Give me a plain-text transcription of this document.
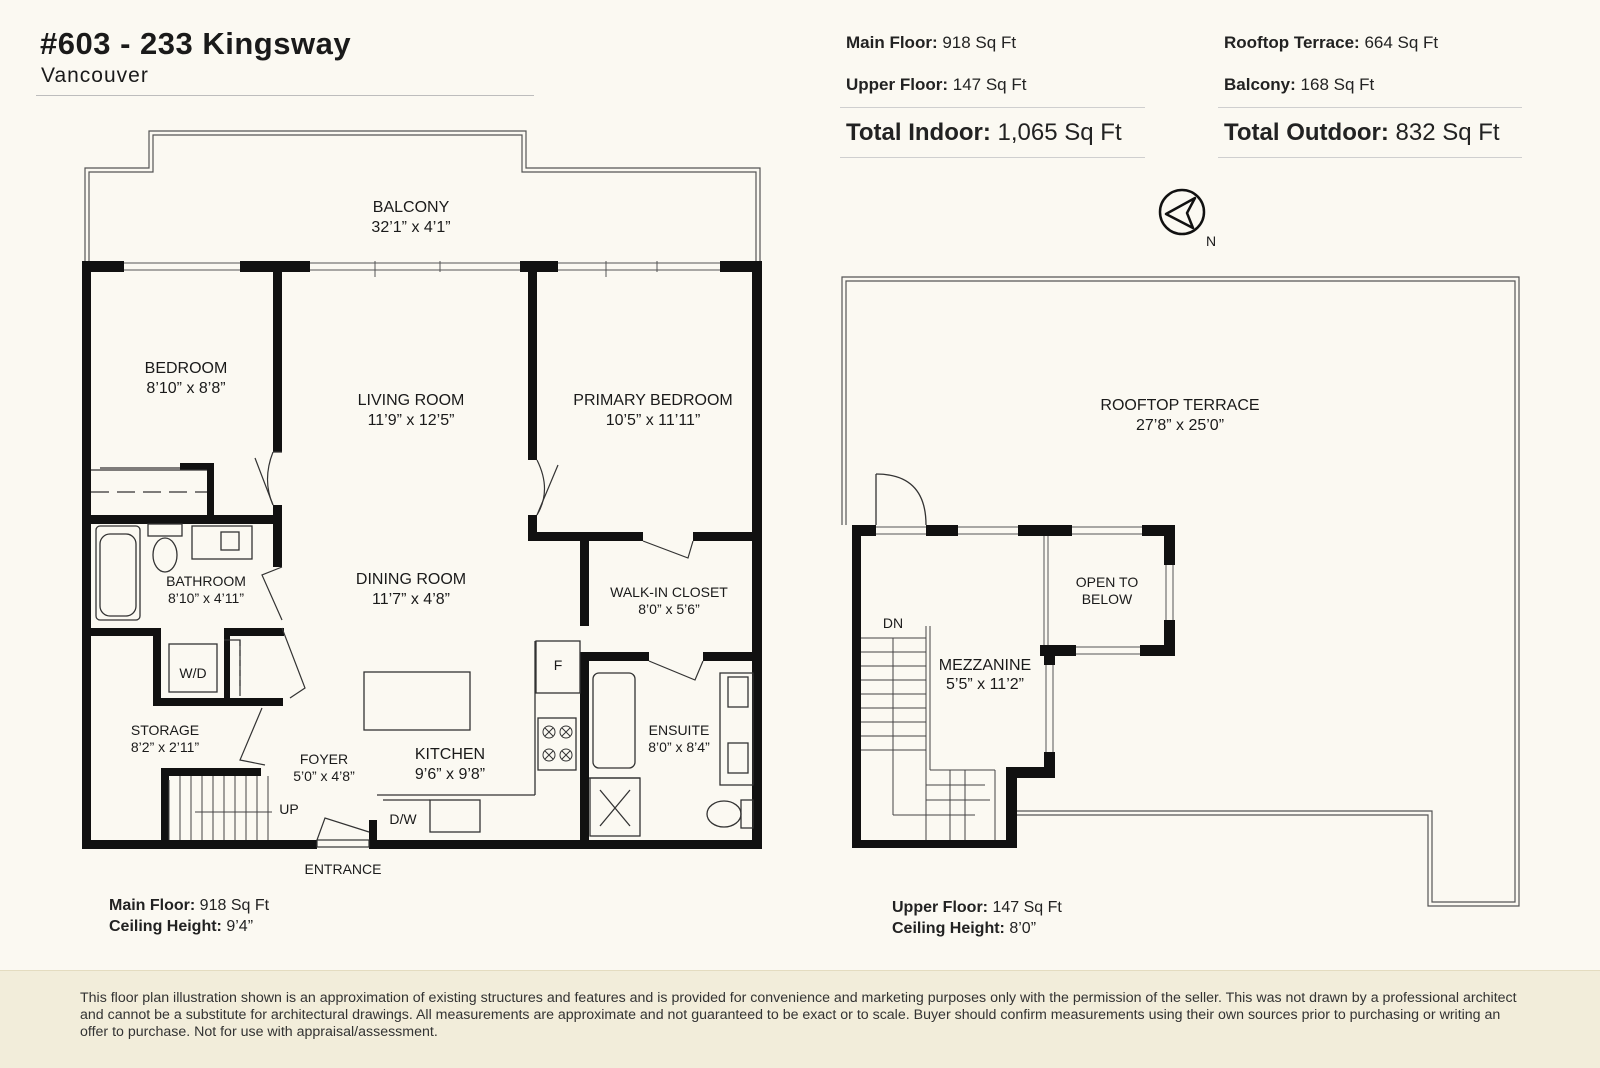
#603 - 233 Kingsway
Vancouver
Main Floor: 918 Sq Ft
Upper Floor: 147 Sq Ft
Total Indoor: 1,065 Sq Ft
Rooftop Terrace: 664 Sq Ft
Balcony: 168 Sq Ft
Total Outdoor: 832 Sq Ft
N
BALCONY
32’1” x 4’1”
BEDROOM
8’10” x 8’8”
LIVING ROOM
11’9” x 12’5”
PRIMARY BEDROOM
10’5” x 11’11”
DINING ROOM
11’7” x 4’8”
KITCHEN
9’6” x 9’8”
BATHROOM
8’10” x 4’11”	WALK-IN CLOSET
8’0” x 5’6”
W/D	F
STORAGE
8’2” x 2’11”
ENSUITE
8’0” x 8’4”
FOYER
5’0” x 4’8”
UP
D/W
ENTRANCE
ROOFTOP TERRACE
27’8” x 25’0”
MEZZANINE
5’5” x 11’2”
OPEN TO
BELOW
DN
Main Floor: 918 Sq Ft
Ceiling Height: 9’4”
Upper Floor: 147 Sq Ft
Ceiling Height: 8’0”
This floor plan illustration shown is an approximation of existing structures and features and is provided for convenience and marketing purposes only with the permission of the seller. This was not drawn by a professional architect and cannot be a substitute for architectural drawings. All measurements are approximate and not guaranteed to be exact or to scale. Buyer should confirm measurements using their own sources prior to purchasing or writing an offer to purchase. Not for use with appraisal/assessment.
